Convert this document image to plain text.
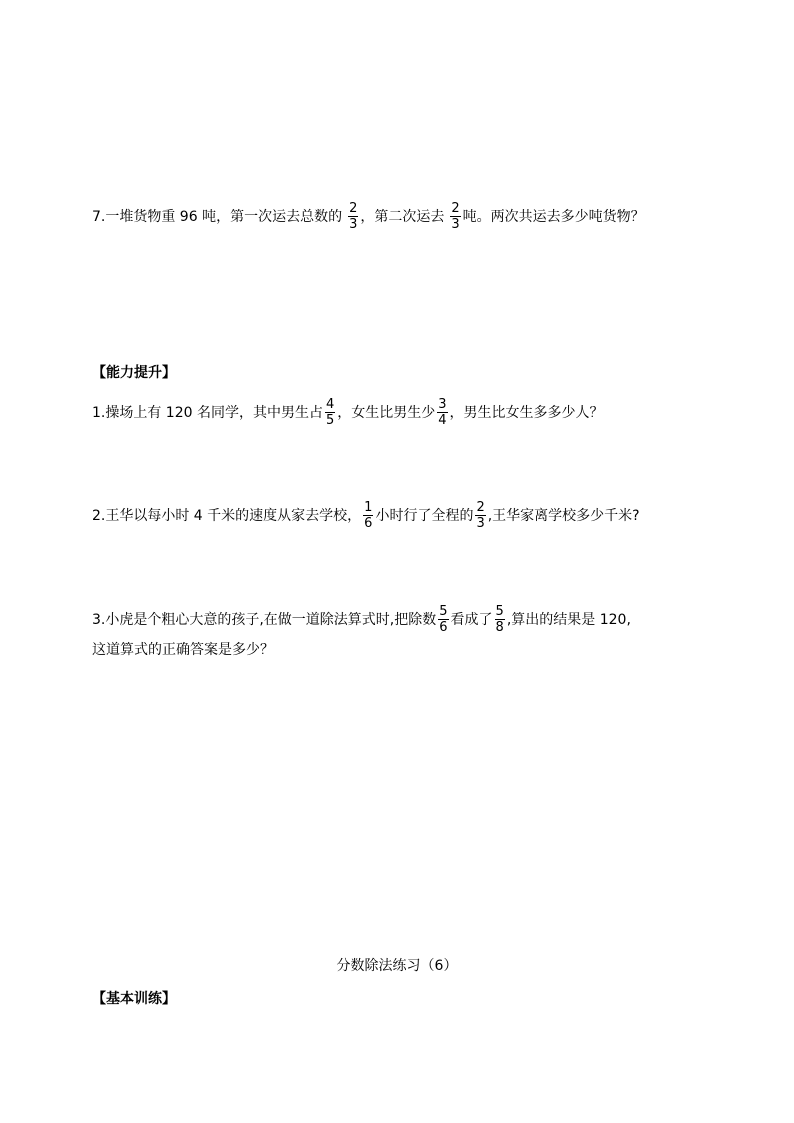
7.一堆货物重 96 吨，第一次运去总数的 $\frac{2}{3}$ ，第二次运去 $\frac{2}{3}$ 吨。两次共运去多少吨货物？
【能力提升】
1.操场上有 120 名同学，其中男生占 $\frac{4}{5}$ ，女生比男生少 $\frac{3}{4}$ ，男生比女生多多少人？
2.王华以每小时 4 千米的速度从家去学校， $\frac{1}{6}$ 小时行了全程的 $\frac{2}{3}$ ,王华家离学校多少千米?
3.小虎是个粗心大意的孩子,在做一道除法算式时,把除数 $\frac{5}{6}$ 看成了 $\frac{5}{8}$ ,算出的结果是 120,
这道算式的正确答案是多少？
分数除法练习（6）
【基本训练】
